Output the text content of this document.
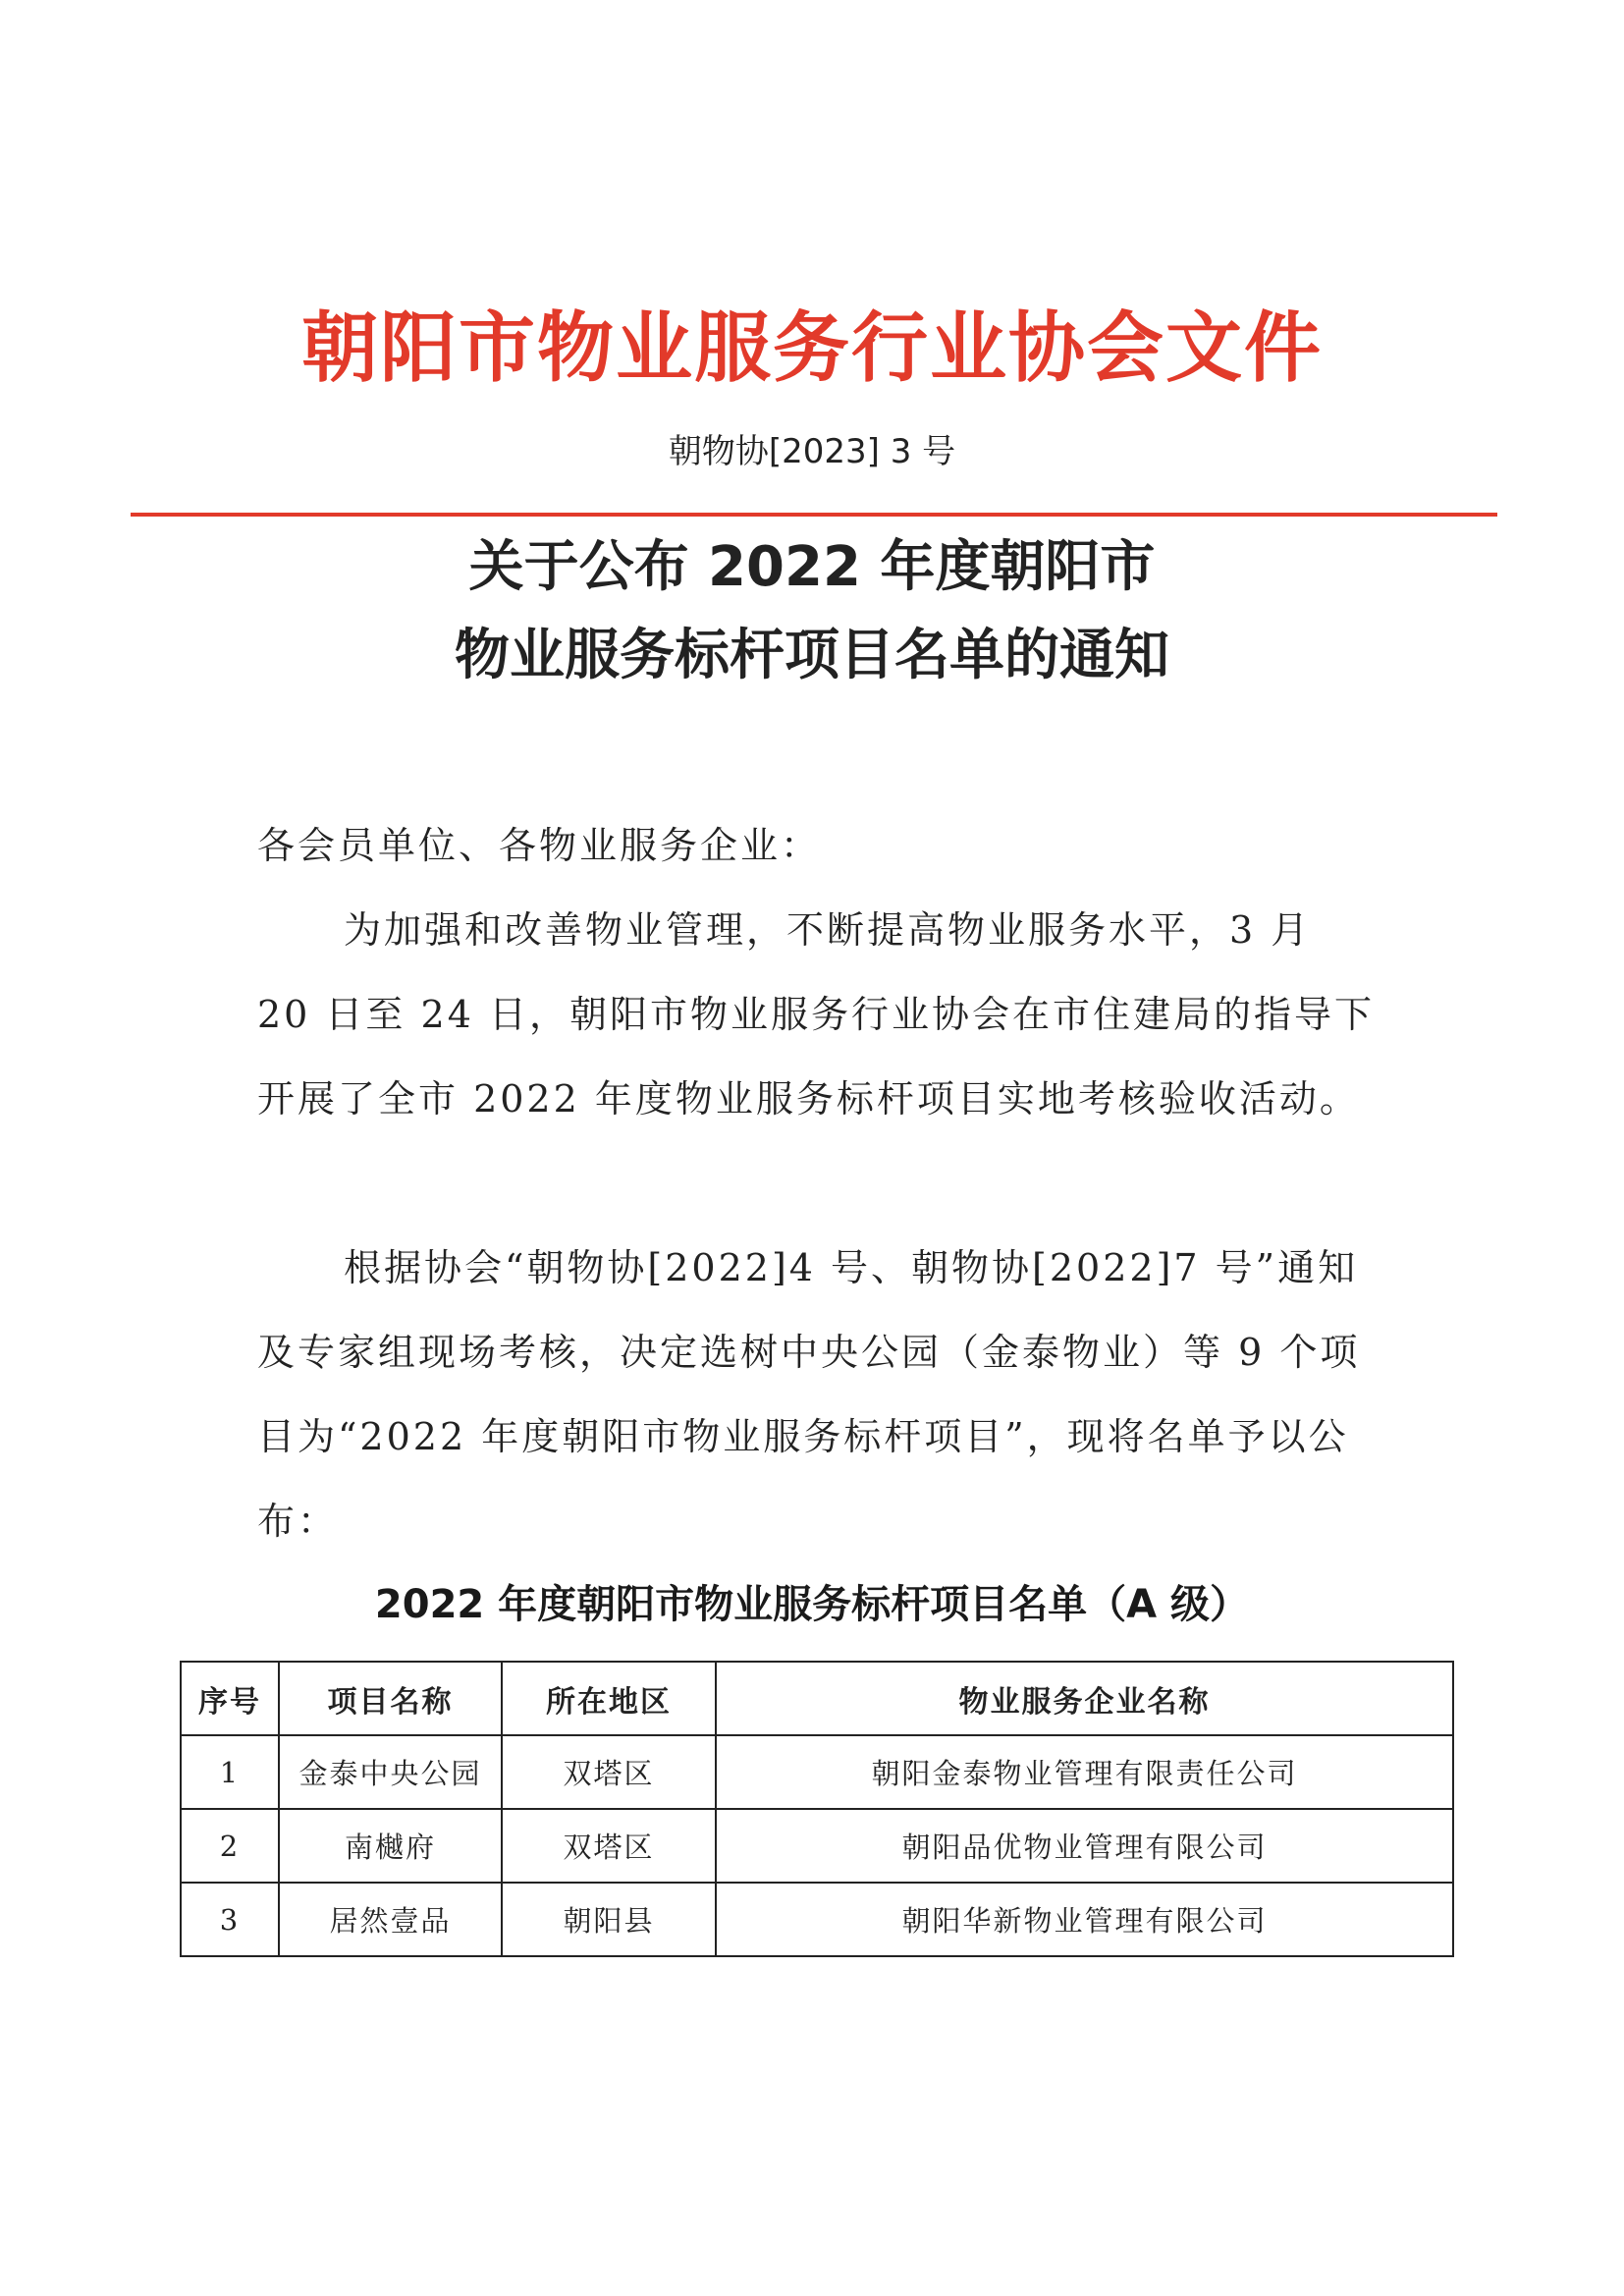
朝阳市物业服务行业协会文件
朝物协[2023] 3 号
关于公布 2022 年度朝阳市
物业服务标杆项目名单的通知
各会员单位、各物业服务企业：
为加强和改善物业管理，不断提高物业服务水平，3 月 20 日至 24 日，朝阳市物业服务行业协会在市住建局的指导下开展了全市 2022 年度物业服务标杆项目实地考核验收活动。
根据协会“朝物协[2022]4 号、朝物协[2022]7 号”通知及专家组现场考核，决定选树中央公园（金泰物业）等 9 个项目为“2022 年度朝阳市物业服务标杆项目”，现将名单予以公布：
2022 年度朝阳市物业服务标杆项目名单（A 级）
序号	项目名称	所在地区	物业服务企业名称
1	金泰中央公园	双塔区	朝阳金泰物业管理有限责任公司
2	南樾府	双塔区	朝阳品优物业管理有限公司
3	居然壹品	朝阳县	朝阳华新物业管理有限公司
